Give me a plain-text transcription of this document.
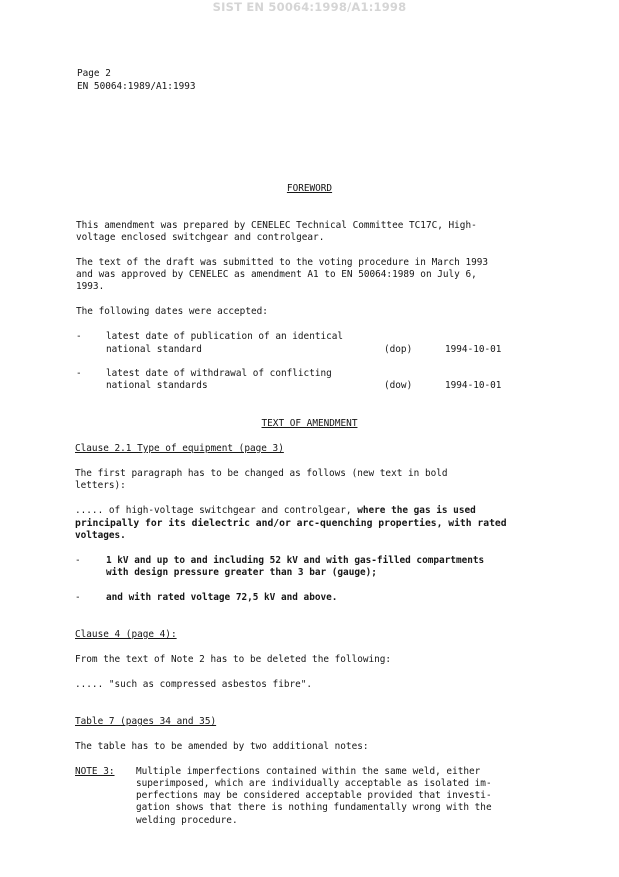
SIST EN 50064:1998/A1:1998
Page 2
EN 50064:1989/A1:1993
FOREWORD
This amendment was prepared by CENELEC Technical Committee TC17C, High-
voltage enclosed switchgear and controlgear.
The text of the draft was submitted to the voting procedure in March 1993
and was approved by CENELEC as amendment A1 to EN 50064:1989 on July 6,
1993.
The following dates were accepted:
-	latest date of publication of an identical
national standard	(dop)	1994-10-01
-	latest date of withdrawal of conflicting
national standards	(dow)	1994-10-01
TEXT OF AMENDMENT
Clause 2.1 Type of equipment (page 3)
The first paragraph has to be changed as follows (new text in bold
letters):
..... of high-voltage switchgear and controlgear, where the gas is used
principally for its dielectric and/or arc-quenching properties, with rated
voltages.
-	1 kV and up to and including 52 kV and with gas-filled compartments
with design pressure greater than 3 bar (gauge);
-	and with rated voltage 72,5 kV and above.
Clause 4 (page 4):
From the text of Note 2 has to be deleted the following:
..... "such as compressed asbestos fibre".
Table 7 (pages 34 and 35)
The table has to be amended by two additional notes:
NOTE 3: Multiple imperfections contained within the same weld, either
superimposed, which are individually acceptable as isolated im-
perfections may be considered acceptable provided that investi-
gation shows that there is nothing fundamentally wrong with the
welding procedure.
